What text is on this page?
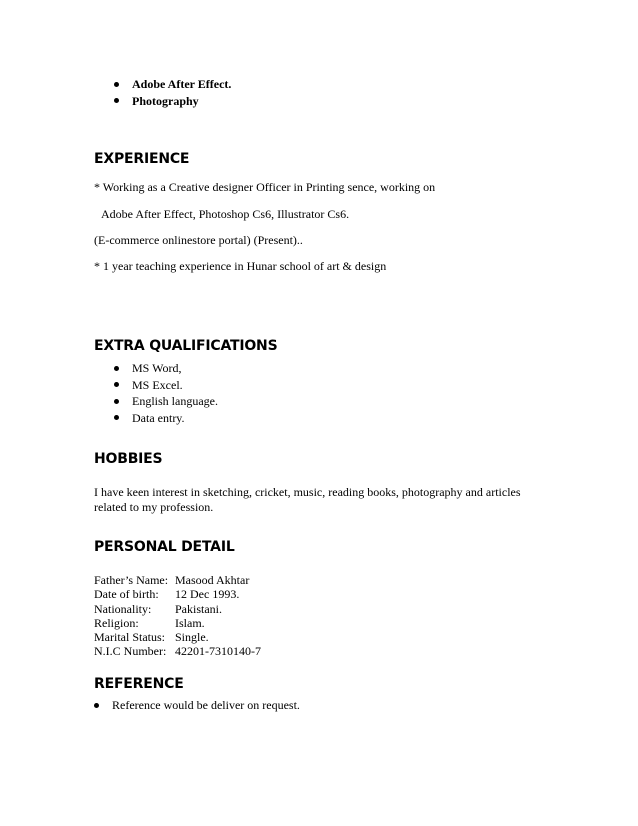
Adobe After Effect.
Photography
EXPERIENCE
* Working as a Creative designer Officer in Printing sence, working on
Adobe After Effect, Photoshop Cs6, Illustrator Cs6.
(E-commerce onlinestore portal) (Present)..
* 1 year teaching experience in Hunar school of art & design
EXTRA QUALIFICATIONS
MS Word,
MS Excel.
English language.
Data entry.
HOBBIES
I have keen interest in sketching, cricket, music, reading books, photography and articles related to my profession.
PERSONAL DETAIL
Father’s Name: Masood Akhtar
Date of birth:	12 Dec 1993.
Nationality:	Pakistani.
Religion:	Islam.
Marital Status: Single.
N.I.C Number: 42201-7310140-7
REFERENCE
Reference would be deliver on request.
